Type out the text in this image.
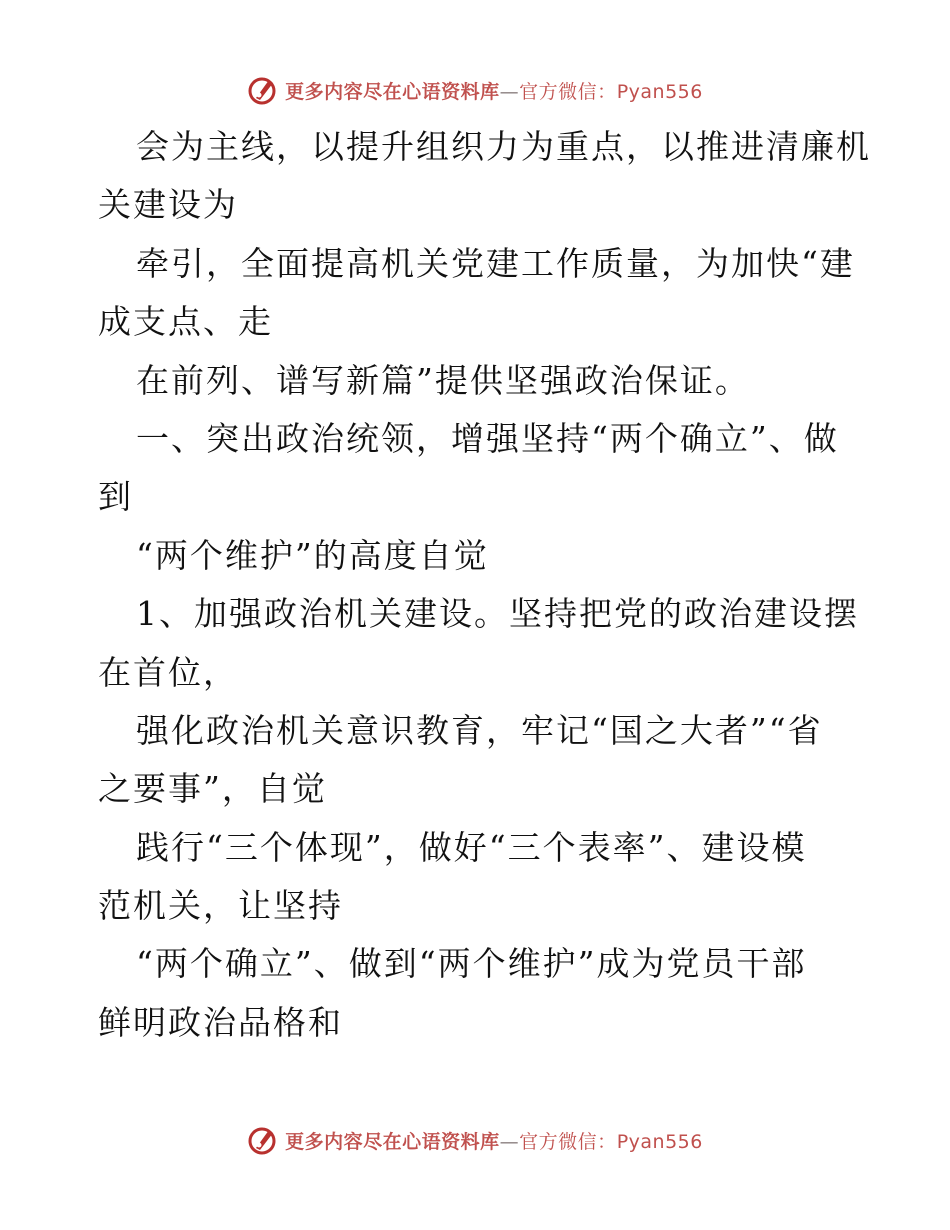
更多内容尽在心语资料库—官方微信：Pyan556
会为主线，以提升组织力为重点，以推进清廉机
关建设为
牵引，全面提高机关党建工作质量，为加快“建
成支点、走
在前列、谱写新篇”提供坚强政治保证。
一、突出政治统领，增强坚持“两个确立”、做
到
“两个维护”的高度自觉
1、加强政治机关建设。坚持把党的政治建设摆
在首位，
强化政治机关意识教育，牢记“国之大者”“省
之要事”，自觉
践行“三个体现”，做好“三个表率”、建设模
范机关，让坚持
“两个确立”、做到“两个维护”成为党员干部
鲜明政治品格和
更多内容尽在心语资料库—官方微信：Pyan556
